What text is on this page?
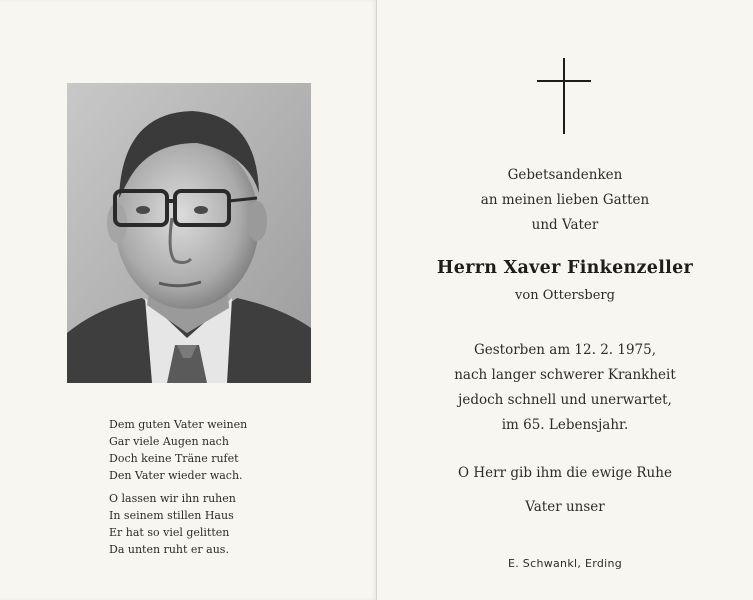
Dem guten Vater weinen
Gar viele Augen nach
Doch keine Träne rufet
Den Vater wieder wach.
O lassen wir ihn ruhen
In seinem stillen Haus
Er hat so viel gelitten
Da unten ruht er aus.
Gebetsandenken
an meinen lieben Gatten
und Vater
Herrn Xaver Finkenzeller
von Ottersberg
Gestorben am 12. 2. 1975,
nach langer schwerer Krankheit
jedoch schnell und unerwartet,
im 65. Lebensjahr.
O Herr gib ihm die ewige Ruhe
Vater unser
E. Schwankl, Erding
